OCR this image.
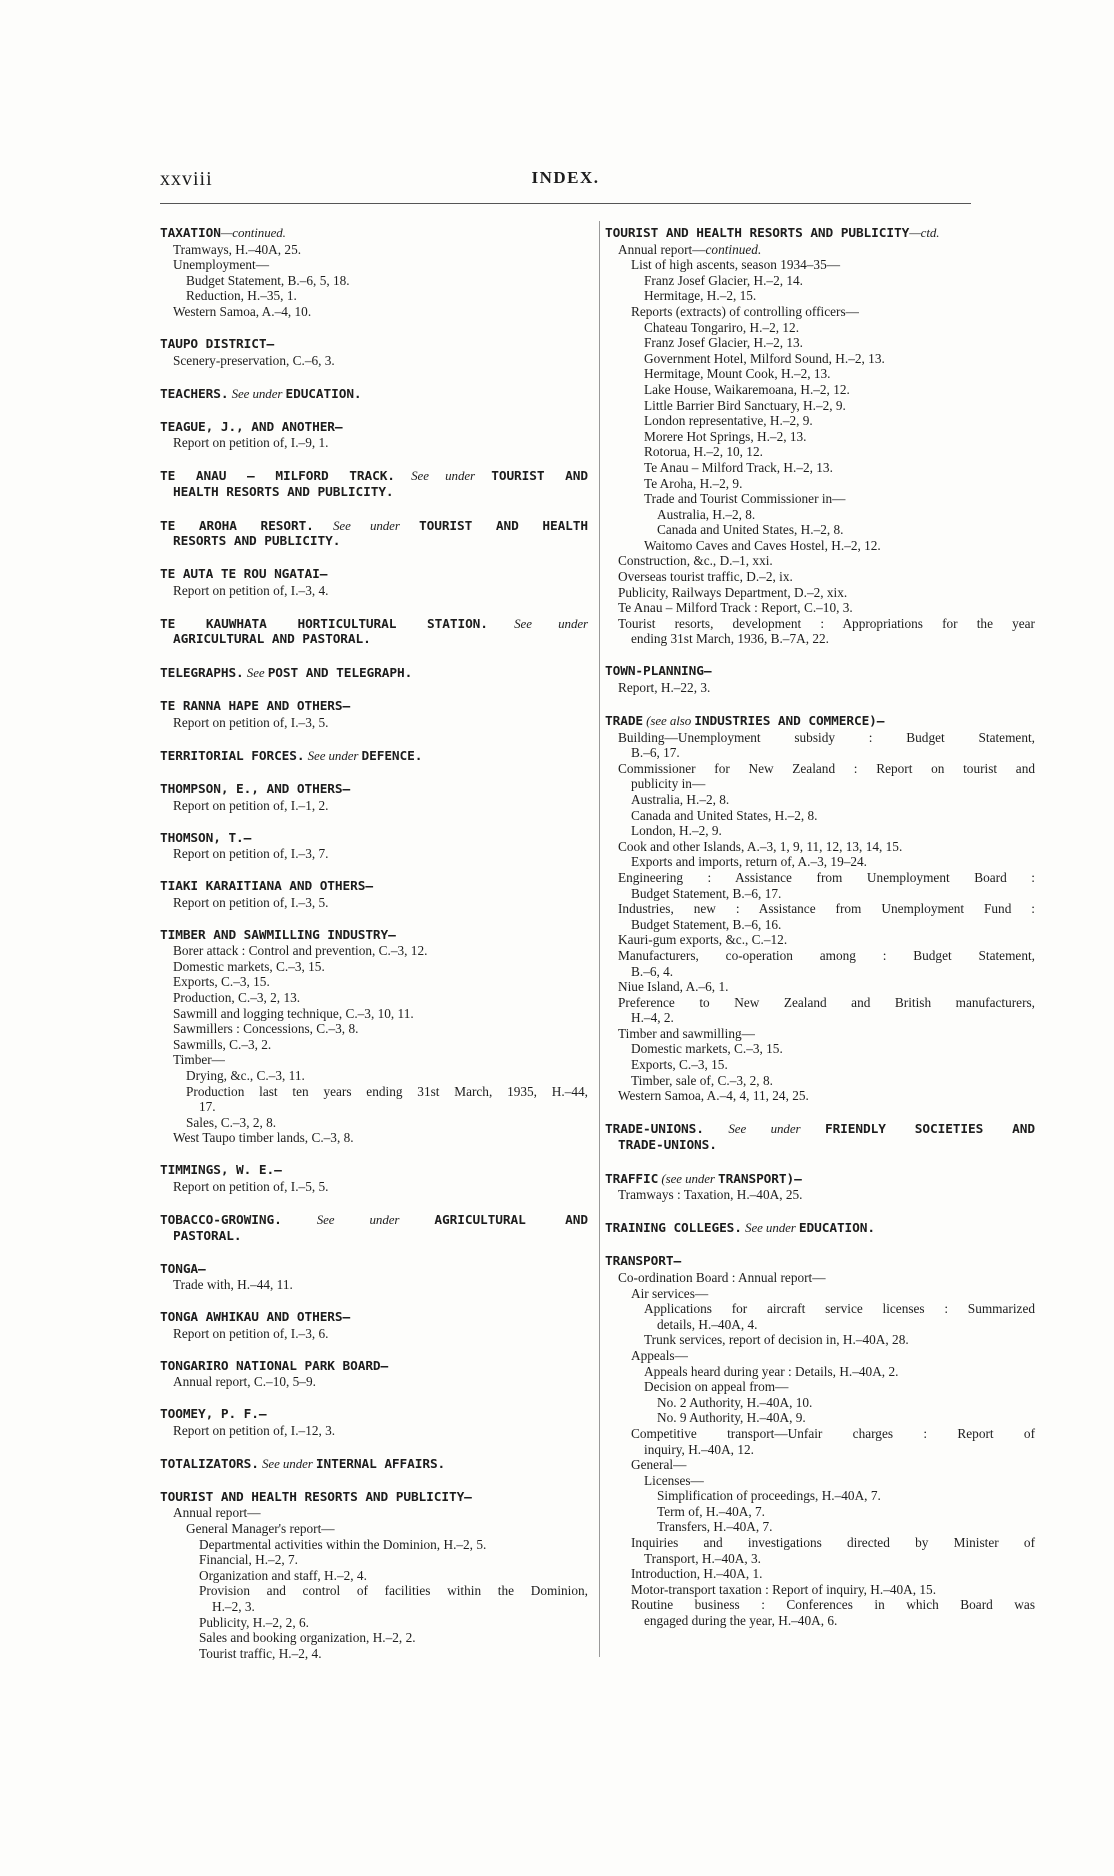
xxviii	INDEX.
TAXATION—continued.
Tramways, H.–40A, 25.
Unemployment—
Budget Statement, B.–6, 5, 18.
Reduction, H.–35, 1.
Western Samoa, A.–4, 10.
TAUPO DISTRICT—
Scenery-preservation, C.–6, 3.
TEACHERS. See under EDUCATION.
TEAGUE, J., AND ANOTHER—
Report on petition of, I.–9, 1.
TE ANAU – MILFORD TRACK. See under TOURIST AND
HEALTH RESORTS AND PUBLICITY.
TE AROHA RESORT. See under TOURIST AND HEALTH
RESORTS AND PUBLICITY.
TE AUTA TE ROU NGATAI—
Report on petition of, I.–3, 4.
TE KAUWHATA HORTICULTURAL STATION. See under
AGRICULTURAL AND PASTORAL.
TELEGRAPHS. See POST AND TELEGRAPH.
TE RANNA HAPE AND OTHERS—
Report on petition of, I.–3, 5.
TERRITORIAL FORCES. See under DEFENCE.
THOMPSON, E., AND OTHERS—
Report on petition of, I.–1, 2.
THOMSON, T.—
Report on petition of, I.–3, 7.
TIAKI KARAITIANA AND OTHERS—
Report on petition of, I.–3, 5.
TIMBER AND SAWMILLING INDUSTRY—
Borer attack : Control and prevention, C.–3, 12.
Domestic markets, C.–3, 15.
Exports, C.–3, 15.
Production, C.–3, 2, 13.
Sawmill and logging technique, C.–3, 10, 11.
Sawmillers : Concessions, C.–3, 8.
Sawmills, C.–3, 2.
Timber—
Drying, &c., C.–3, 11.
Production last ten years ending 31st March, 1935, H.–44,
17.
Sales, C.–3, 2, 8.
West Taupo timber lands, C.–3, 8.
TIMMINGS, W. E.—
Report on petition of, I.–5, 5.
TOBACCO-GROWING. See under AGRICULTURAL AND
PASTORAL.
TONGA—
Trade with, H.–44, 11.
TONGA AWHIKAU AND OTHERS—
Report on petition of, I.–3, 6.
TONGARIRO NATIONAL PARK BOARD—
Annual report, C.–10, 5–9.
TOOMEY, P. F.—
Report on petition of, I.–12, 3.
TOTALIZATORS. See under INTERNAL AFFAIRS.
TOURIST AND HEALTH RESORTS AND PUBLICITY—
Annual report—
General Manager's report—
Departmental activities within the Dominion, H.–2, 5.
Financial, H.–2, 7.
Organization and staff, H.–2, 4.
Provision and control of facilities within the Dominion,
H.–2, 3.
Publicity, H.–2, 2, 6.
Sales and booking organization, H.–2, 2.
Tourist traffic, H.–2, 4.
TOURIST AND HEALTH RESORTS AND PUBLICITY—ctd.
Annual report—continued.
List of high ascents, season 1934–35—
Franz Josef Glacier, H.–2, 14.
Hermitage, H.–2, 15.
Reports (extracts) of controlling officers—
Chateau Tongariro, H.–2, 12.
Franz Josef Glacier, H.–2, 13.
Government Hotel, Milford Sound, H.–2, 13.
Hermitage, Mount Cook, H.–2, 13.
Lake House, Waikaremoana, H.–2, 12.
Little Barrier Bird Sanctuary, H.–2, 9.
London representative, H.–2, 9.
Morere Hot Springs, H.–2, 13.
Rotorua, H.–2, 10, 12.
Te Anau – Milford Track, H.–2, 13.
Te Aroha, H.–2, 9.
Trade and Tourist Commissioner in—
Australia, H.–2, 8.
Canada and United States, H.–2, 8.
Waitomo Caves and Caves Hostel, H.–2, 12.
Construction, &c., D.–1, xxi.
Overseas tourist traffic, D.–2, ix.
Publicity, Railways Department, D.–2, xix.
Te Anau – Milford Track : Report, C.–10, 3.
Tourist resorts, development : Appropriations for the year
ending 31st March, 1936, B.–7A, 22.
TOWN-PLANNING—
Report, H.–22, 3.
TRADE (see also INDUSTRIES AND COMMERCE)—
Building—Unemployment subsidy : Budget Statement,
B.–6, 17.
Commissioner for New Zealand : Report on tourist and
publicity in—
Australia, H.–2, 8.
Canada and United States, H.–2, 8.
London, H.–2, 9.
Cook and other Islands, A.–3, 1, 9, 11, 12, 13, 14, 15.
Exports and imports, return of, A.–3, 19–24.
Engineering : Assistance from Unemployment Board :
Budget Statement, B.–6, 17.
Industries, new : Assistance from Unemployment Fund :
Budget Statement, B.–6, 16.
Kauri-gum exports, &c., C.–12.
Manufacturers, co-operation among : Budget Statement,
B.–6, 4.
Niue Island, A.–6, 1.
Preference to New Zealand and British manufacturers,
H.–4, 2.
Timber and sawmilling—
Domestic markets, C.–3, 15.
Exports, C.–3, 15.
Timber, sale of, C.–3, 2, 8.
Western Samoa, A.–4, 4, 11, 24, 25.
TRADE-UNIONS. See under FRIENDLY SOCIETIES AND
TRADE-UNIONS.
TRAFFIC (see under TRANSPORT)—
Tramways : Taxation, H.–40A, 25.
TRAINING COLLEGES. See under EDUCATION.
TRANSPORT—
Co-ordination Board : Annual report—
Air services—
Applications for aircraft service licenses : Summarized
details, H.–40A, 4.
Trunk services, report of decision in, H.–40A, 28.
Appeals—
Appeals heard during year : Details, H.–40A, 2.
Decision on appeal from—
No. 2 Authority, H.–40A, 10.
No. 9 Authority, H.–40A, 9.
Competitive transport—Unfair charges : Report of
inquiry, H.–40A, 12.
General—
Licenses—
Simplification of proceedings, H.–40A, 7.
Term of, H.–40A, 7.
Transfers, H.–40A, 7.
Inquiries and investigations directed by Minister of
Transport, H.–40A, 3.
Introduction, H.–40A, 1.
Motor-transport taxation : Report of inquiry, H.–40A, 15.
Routine business : Conferences in which Board was
engaged during the year, H.–40A, 6.
